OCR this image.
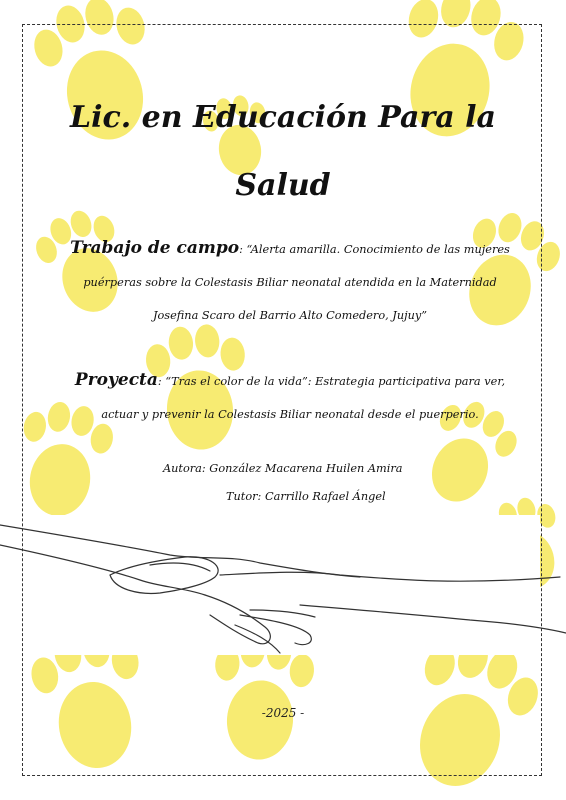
Lic. en Educación Para la
Salud
Trabajo de campo: “Alerta amarilla. Conocimiento de las mujeres puérperas sobre la Colestasis Biliar neonatal atendida en la Maternidad Josefina Scaro del Barrio Alto Comedero, Jujuy”
Proyecta: “Tras el color de la vida”: Estrategia participativa para ver, actuar y prevenir la Colestasis Biliar neonatal desde el puerperio.
Autora: González Macarena Huilen Amira
Tutor: Carrillo Rafael Ángel
-2025 -
